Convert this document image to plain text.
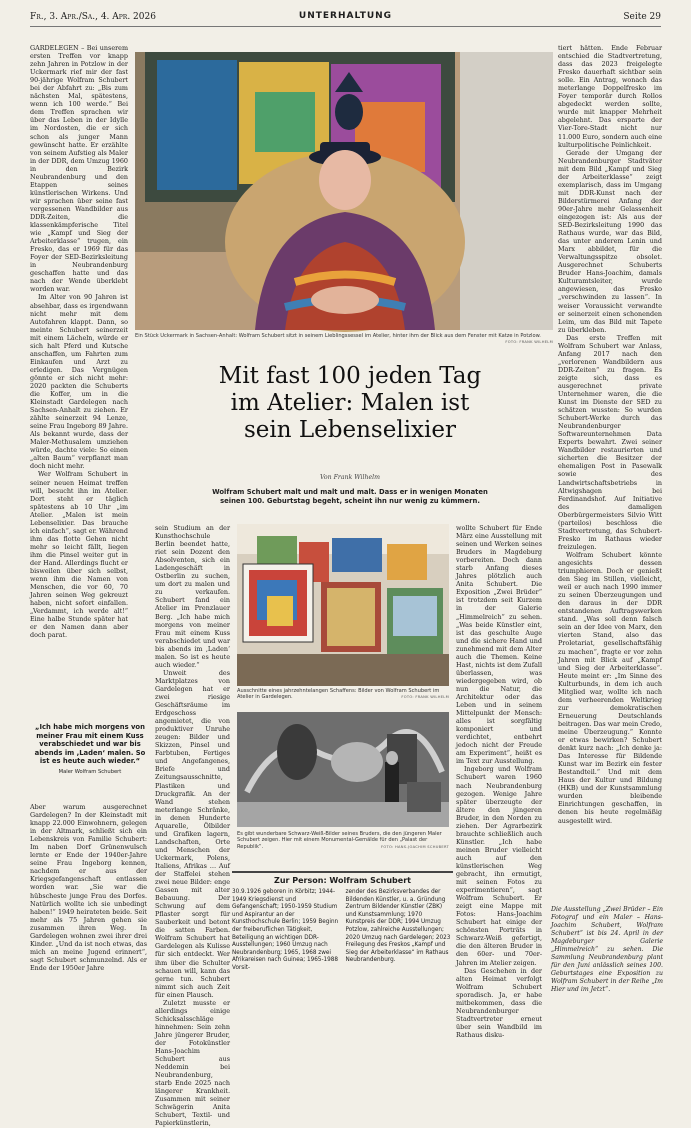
Fr., 3. Apr./Sa., 4. Apr. 2026	UNTERHALTUNG	Seite 29

GARDELEGEN – Bei unserem ersten Treffen vor knapp zehn Jahren in Potzlow in der Uckermark rief mir der fast 90-jährige Wolfram Schubert bei der Abfahrt zu: „Bis zum nächsten Mal, spätestens, wenn ich 100 werde.“ Bei dem Treffen sprachen wir über das Leben in der Idylle im Nordosten, die er sich schon als junger Mann gewünscht hatte. Er erzählte von seinem Aufstieg als Maler in der DDR, dem Umzug 1960 in den Bezirk Neubrandenburg und den Etappen seines künstlerischen Wirkens. Und wir sprachen über seine fast vergessenen Wandbilder aus DDR-Zeiten, die klassenkämpferische Titel wie „Kampf und Sieg der Arbeiterklasse“ trugen, ein Fresko, das er 1969 für das Foyer der SED-Bezirksleitung in Neubrandenburg geschaffen hatte und das nach der Wende überklebt worden war.

Im Alter von 90 Jahren ist absehbar, dass es irgendwann nicht mehr mit dem Autofahren klappt. Dann, so meinte Schubert seinerzeit mit einem Lächeln, würde er sich halt Pferd und Kutsche anschaffen, um Fahrten zum Einkaufen und Arzt zu erledigen. Das Vergnügen gönnte er sich nicht mehr: 2020 packten die Schuberts die Koffer, um in die Kleinstadt Gardelegen nach Sachsen-Anhalt zu ziehen. Er zählte seinerzeit 94 Lenze, seine Frau Ingeborg 89 Jahre. Als bekannt wurde, dass der Maler-Methusalem umziehen würde, dachte viele: So einen „alten Baum“ verpflanzt man doch nicht mehr.

Wer Wolfram Schubert in seiner neuen Heimat treffen will, besucht ihn im Atelier. Dort steht er täglich spätestens ab 10 Uhr „im Atelier. „Malen ist mein Lebenselixier. Das brauche ich einfach“, sagt er. Während ihm das flotte Gehen nicht mehr so leicht fällt, liegen ihm die Pinsel weiter gut in der Hand. Allerdings flucht er bisweilen über sich selbst, wenn ihm die Namen von Menschen, die vor 60, 70 Jahren seinen Weg gekreuzt haben, nicht sofort einfallen. „Verdammt, ich werde alt!“ Eine halbe Stunde später hat er den Namen dann aber doch parat.

„Ich habe mich morgens von meiner Frau mit einem Kuss verabschiedet und war bis abends im ,Laden‘ malen. So ist es heute auch wieder.“
Maler Wolfram Schubert

Aber warum ausgerechnet Gardelegen? In der Kleinstadt mit knapp 22.000 Einwohnern, gelegen in der Altmark, schließt sich ein Lebenskreis von Familie Schubert: Im naben Dorf Grünenwulsch lernte er Ende der 1940er-Jahre seine Frau Ingeborg kennen, nachdem er aus der Kriegsgefangenschaft entlassen worden war. „Sie war die hübscheste junge Frau des Dorfes. Natürlich wollte ich sie unbedingt haben!“ 1949 heirateten beide. Seit mehr als 75 Jahren gehen sie zusammen ihren Weg. In Gardelegen wohnen zwei ihrer drei Kinder. „Und da ist noch etwas, das mich an meine Jugend erinnert“, sagt Schubert schmunzelnd. Als er Ende der 1950er Jahre

Ein Stück Uckermark in Sachsen-Anhalt: Wolfram Schubert sitzt in seinem Lieblingssessel im Atelier, hinter ihm der Blick aus dem Fenster mit Katze in Potzlow.
FOTO: FRANK WILHELM
Mit fast 100 jeden Tag
im Atelier: Malen ist
sein Lebenselixier
Von Frank Wilhelm
Wolfram Schubert malt und malt und malt. Dass er in wenigen Monaten seinen 100. Geburtstag begeht, scheint ihn nur wenig zu kümmern.

sein Studium an der Kunsthochschule Berlin beendet hatte, riet sein Dozent den Absolventen, sich ein Ladengeschäft in Ostberlin zu suchen, um dort zu malen und zu verkaufen. Schubert fand ein Atelier im Prenzlauer Berg. „Ich habe mich morgens von meiner Frau mit einem Kuss verabschiedet und war bis abends im ,Laden‘ malen. So ist es heute auch wieder.“

Unweit des Marktplatzes von Gardelegen hat er zwei riesige Geschäftsräume im Erdgeschoss angemietet, die von produktiver Unruhe zeugen: Bilder und Skizzen, Pinsel und Farbtuben, Fertiges und Angefangenes, Briefe und Zeitungsausschnitte, Plastiken und Druckgrafik. An der Wand stehen meterlange Schränke, in denen Hunderte Aquarelle, Ölbilder und Grafiken lagern, Landschaften, Orte und Menschen der Uckermark, Polens, Italiens, Afrikas … Auf der Staffelei stehen zwei neue Bilder: enge Gassen mit alter Bebauung. Der Schwung auf dem Pflaster sorgt für Sauberkeit und betont die satten Farben. Wolfram Schubert hat Gardelegen als Kulisse für sich entdeckt. Wer ihm über die Schulter schauen will, kann das gerne tun. Schubert nimmt sich auch Zeit für einen Plausch.

Zuletzt musste er allerdings einige Schicksalsschläge hinnehmen: Sein zehn Jahre jüngerer Bruder, der Fotokünstler Hans-Joachim Schubert aus Neddemin bei Neubrandenburg, starb Ende 2025 nach längerer Krankheit. Zusammen mit seiner Schwägerin Anita Schubert, Textil- und Papierkünstlerin,

Ausschnitte eines jahrzehntelangen Schaffens: Bilder von Wolfram Schubert im Atelier in Gardelegen.	FOTO: FRANK WILHELM
Es gibt wunderbare Schwarz-Weiß-Bilder seines Bruders, die den jüngeren Maler Schubert zeigen. Hier mit einem Monumental-Gemälde für den „Palast der Republik“.	FOTO: HANS-JOACHIM SCHUBERT
Zur Person: Wolfram Schubert
30.9.1926 geboren in Körbitz; 1944-1949 Kriegsdienst und Gefangenschaft; 1950-1959 Studium und Aspirantur an der Kunsthochschule Berlin; 1959 Beginn der freiberuflichen Tätigkeit, Beteiligung an wichtigen DDR-Ausstellungen; 1960 Umzug nach Neubrandenburg; 1965, 1968 zwei Afrikareisen nach Guinea; 1965-1988 Vorsit-
zender des Bezirksverbandes der Bildenden Künstler, u. a. Gründung Zentrum Bildender Künstler (ZBK) und Kunstsammlung; 1970 Kunstpreis der DDR; 1994 Umzug Potzlow, zahlreiche Ausstellungen; 2020 Umzug nach Gardelegen; 2023 Freilegung des Freskos „Kampf und Sieg der Arbeiterklasse“ im Rathaus Neubrandenburg.

wollte Schubert für Ende März eine Ausstellung mit seinen und Werken seines Bruders in Magdeburg vorbereiten. Doch dann starb Anfang dieses Jahres plötzlich auch Anita Schubert. Die Exposition „Zwei Brüder“ ist trotzdem seit Kurzem in der Galerie „Himmelreich“ zu sehen. „Was beide Künstler eint, ist das geschulte Auge und die sichere Hand und zunehmend mit dem Alter auch die Themen. Keine Hast, nichts ist dem Zufall überlassen, was wiedergegeben wird, ob nun die Natur, die Architektur oder das Leben und in seinem Mittelpunkt der Mensch: alles ist sorgfältig komponiert und verdichtet, entbehrt jedoch nicht der Freude am Experiment“, heißt es im Text zur Ausstellung.

Ingeborg und Wolfram Schubert waren 1960 nach Neubrandenburg gezogen. Wenige Jahre später überzeugte der ältere den jüngeren Bruder, in den Norden zu ziehen. Der Agrarbezirk brauchte schließlich auch Künstler. „Ich habe meinen Bruder vielleicht auch auf den künstlerischen Weg gebracht, ihn ermutigt, mit seinen Fotos zu experimentieren“, sagt Wolfram Schubert. Er zeigt eine Mappe mit Fotos: Hans-Joachim Schubert hat einige der schönsten Porträts in Schwarz-Weiß gefertigt, die den älteren Bruder in den 60er- und 70er-Jahren im Atelier zeigen.

Das Geschehen in der alten Heimat verfolgt Wolfram Schubert sporadisch. Ja, er habe mitbekommen, dass die Neubrandenburger Stadtvertreter erneut über sein Wandbild im Rathaus disku-

tiert hätten. Ende Februar entschied die Stadtvertretung, dass das 2023 freigelegte Fresko dauerhaft sichtbar sein solle. Ein Antrag, wonach das meterlange Doppelfresko im Foyer temporär durch Rollos abgedeckt werden sollte, wurde mit knapper Mehrheit abgelehnt. Das ersparte der Vier-Tore-Stadt nicht nur 11.000 Euro, sondern auch eine kulturpolitische Peinlichkeit.

Gerade der Umgang der Neubrandenburger Stadtväter mit dem Bild „Kampf und Sieg der Arbeiterklasse“ zeigt exemplarisch, dass im Umgang mit DDR-Kunst nach der Bilderstürmerei Anfang der 90er-Jahre mehr Gelassenheit eingezogen ist: Als aus der SED-Bezirksleitung 1990 das Rathaus wurde, war das Bild, das unter anderem Lenin und Marx abbildet, für die Verwaltungsspitze obsolet. Ausgerechnet Schuberts Bruder Hans-Joachim, damals Kulturamtsleiter, wurde angewiesen, das Fresko „verschwinden zu lassen“. In weiser Voraussicht verwandte er seinerzeit einen schonenden Leim, um das Bild mit Tapete zu überkleben.

Das erste Treffen mit Wolfram Schubert war Anlass, Anfang 2017 nach den „verlorenen Wandbildern aus DDR-Zeiten“ zu fragen. Es zeigte sich, dass es ausgerechnet private Unternehmer waren, die die Kunst im Dienste der SED zu schätzen wussten: So wurden Schubert-Werke durch das Neubrandenburger Softwareunternehmen Data Experts bewahrt. Zwei seiner Wandbilder restaurierten und sicherten die Besitzer der ehemaligen Post in Pasewalk sowie des Landwirtschaftsbetriebs in Altwigshagen bei Ferdinandshof. Auf Initiative des damaligen Oberbürgermeisters Silvio Witt (parteilos) beschloss die Stadtvertretung, das Schubert-Fresko im Rathaus wieder freizulegen.

Wolfram Schubert könnte angesichts dessen triumphieren. Doch er genießt den Sieg im Stillen, vielleicht, weil er auch nach 1990 immer zu seinen Überzeugungen und den daraus in der DDR entstandenen Auftragswerken stand. „Was soll denn falsch sein an der Idee von Marx, den vierten Stand, also das Proletariat, gesellschaftsfähig zu machen“, fragte er vor zehn Jahren mit Blick auf „Kampf und Sieg der Arbeiterklasse“. Heute meint er: „Im Sinne des Kulturbunds, in dem ich auch Mitglied war, wollte ich nach dem verheerenden Weltkrieg zur demokratischen Erneuerung Deutschlands beitragen. Das war mein Credo, meine Überzeugung.“ Konnte er etwas bewirken? Schubert denkt kurz nach: „Ich denke ja: Das Interesse für Bildende Kunst war im Bezirk ein fester Bestandteil.“ Und mit dem Haus der Kultur und Bildung (HKB) und der Kunstsammlung wurden bleibende Einrichtungen geschaffen, in denen bis heute regelmäßig ausgestellt wird.

Die Ausstellung „Zwei Brüder – Ein Fotograf und ein Maler – Hans-Joachim Schubert, Wolfram Schubert“ ist bis 24. April in der Magdeburger Galerie „Himmelreich“ zu sehen. Die Sammlung Neubrandenburg plant für den Juni anlässlich seines 100. Geburtstages eine Exposition zu Wolfram Schubert in der Reihe „Im Hier und im Jetzt“.
